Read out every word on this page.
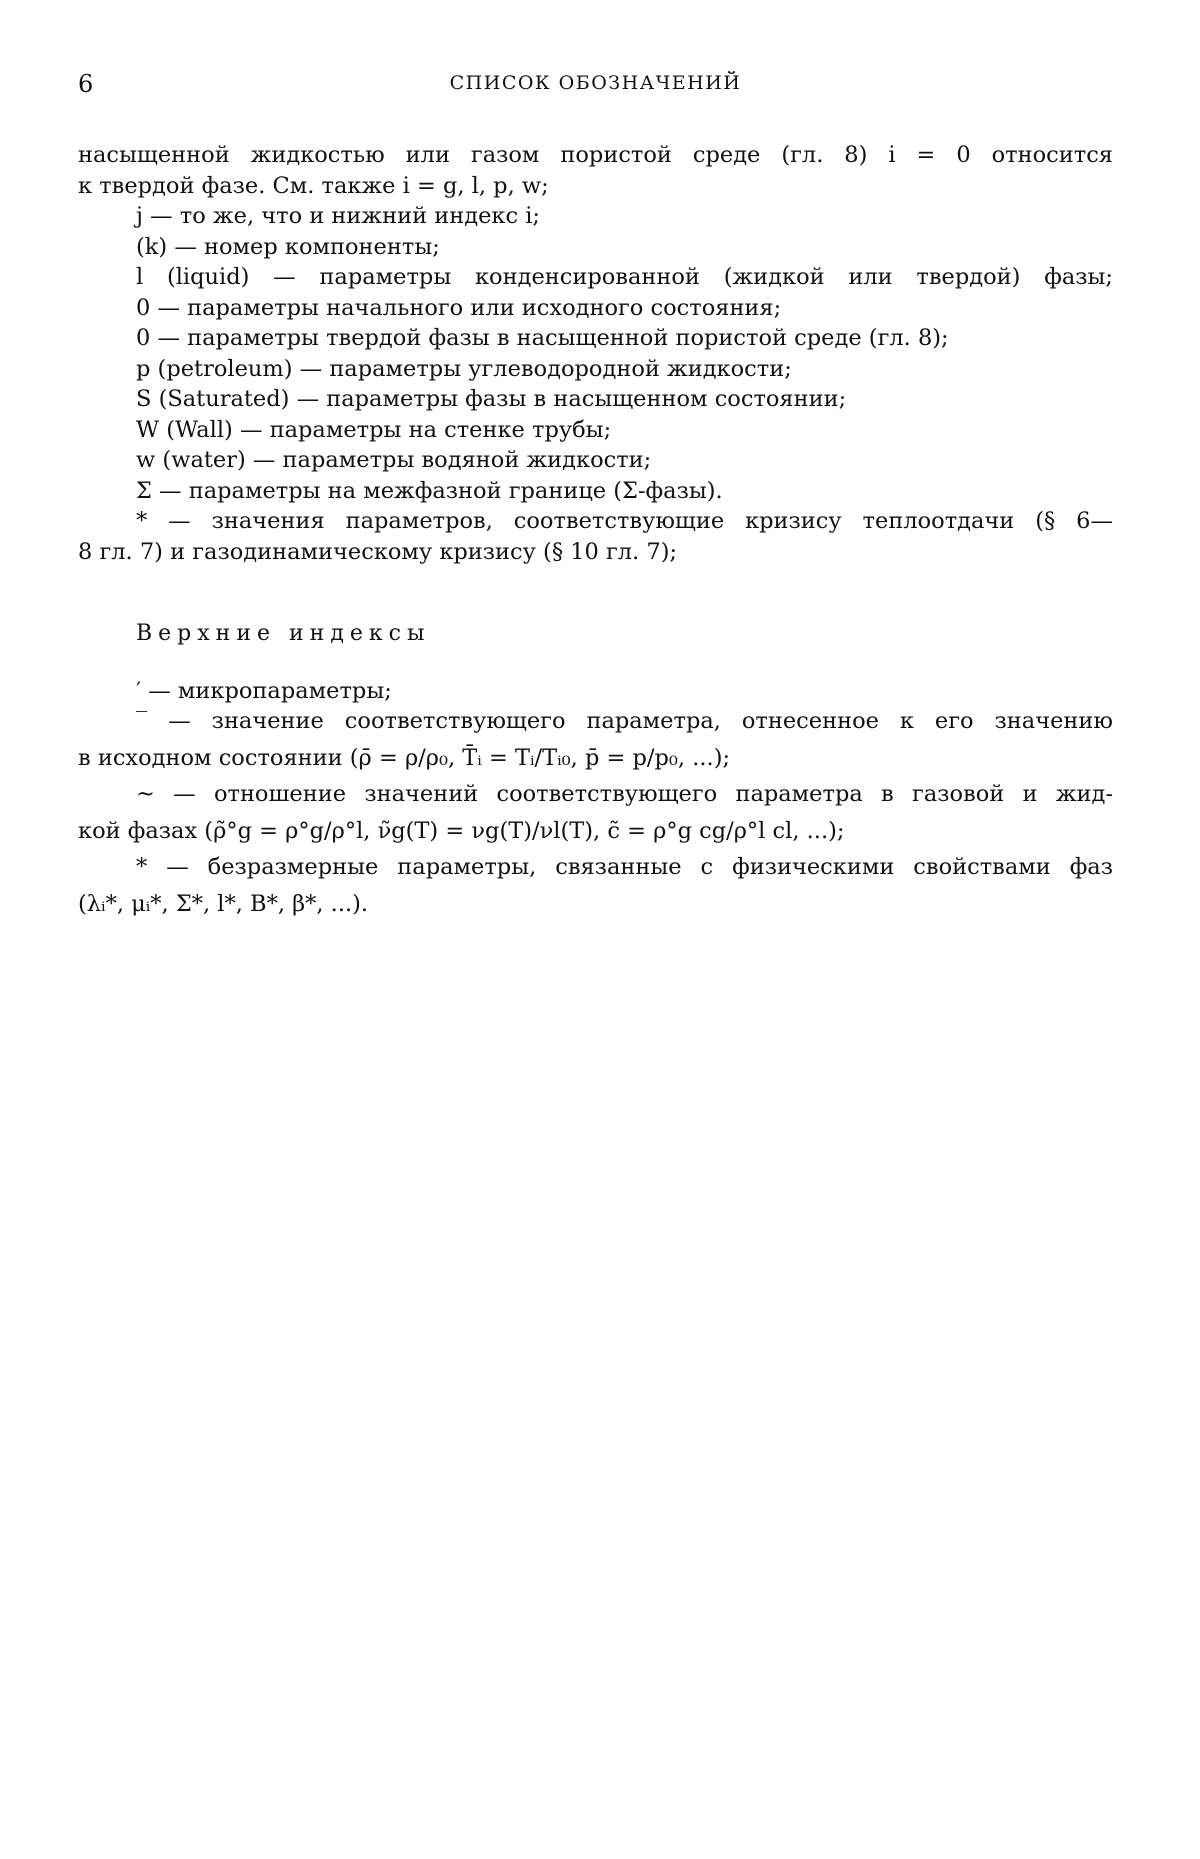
6	СПИСОК ОБОЗНАЧЕНИЙ
насыщенной жидкостью или газом пористой среде (гл. 8) i = 0 относится
к твердой фазе. См. также i = g, l, p, w;
j — то же, что и нижний индекс i;
(k) — номер компоненты;
l (liquid) — параметры конденсированной (жидкой или твердой) фазы;
0 — параметры начального или исходного состояния;
0 — параметры твердой фазы в насыщенной пористой среде (гл. 8);
p (petroleum) — параметры углеводородной жидкости;
S (Saturated) — параметры фазы в насыщенном состоянии;
W (Wall) — параметры на стенке трубы;
w (water) — параметры водяной жидкости;
Σ — параметры на межфазной границе (Σ-фазы).
* — значения параметров, соответствующие кризису теплоотдачи (§ 6—
8 гл. 7) и газодинамическому кризису (§ 10 гл. 7);
Верхние индексы
′ — микропараметры;
‾ — значение соответствующего параметра, отнесенное к его значению
в исходном состоянии (ρ̄ = ρ/ρ₀, T̄ᵢ = Tᵢ/Tᵢ₀, p̄ = p/p₀, ...);
~ — отношение значений соответствующего параметра в газовой и жид-
кой фазах (ρ̃°g = ρ°g/ρ°l, ν̃g(T) = νg(T)/νl(T), c̃ = ρ°g cg/ρ°l cl, ...);
* — безразмерные параметры, связанные с физическими свойствами фаз
(λᵢ*, μᵢ*, Σ*, l*, B*, β*, ...).
